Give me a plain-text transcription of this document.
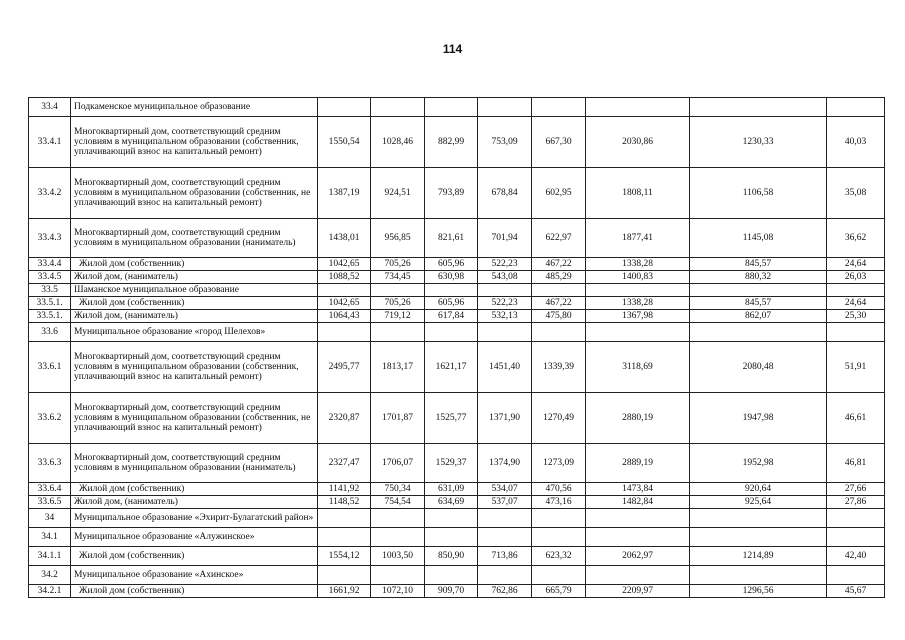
114
33.4	Подкаменское муниципальное образование								
33.4.1	Многоквартирный дом, соответствующий средним условиям в муниципальном образовании (собственник, уплачивающий взнос на капитальный ремонт)	1550,54	1028,46	882,99	753,09	667,30	2030,86	1230,33	40,03
33.4.2	Многоквартирный дом, соответствующий средним условиям в муниципальном образовании (собственник, не уплачивающий взнос на капитальный ремонт)	1387,19	924,51	793,89	678,84	602,95	1808,11	1106,58	35,08
33.4.3	Многоквартирный дом, соответствующий средним условиям в муниципальном образовании (наниматель)	1438,01	956,85	821,61	701,94	622,97	1877,41	1145,08	36,62
33.4.4	Жилой дом (собственник)	1042,65	705,26	605,96	522,23	467,22	1338,28	845,57	24,64
33.4.5	Жилой дом, (наниматель)	1088,52	734,45	630,98	543,08	485,29	1400,83	880,32	26,03
33.5	Шаманское муниципальное образование								
33.5.1.	Жилой дом (собственник)	1042,65	705,26	605,96	522,23	467,22	1338,28	845,57	24,64
33.5.1.	Жилой дом, (наниматель)	1064,43	719,12	617,84	532,13	475,80	1367,98	862,07	25,30
33.6	Муниципальное образование «город Шелехов»								
33.6.1	Многоквартирный дом, соответствующий средним условиям в муниципальном образовании (собственник, уплачивающий взнос на капитальный ремонт)	2495,77	1813,17	1621,17	1451,40	1339,39	3118,69	2080,48	51,91
33.6.2	Многоквартирный дом, соответствующий средним условиям в муниципальном образовании (собственник, не уплачивающий взнос на капитальный ремонт)	2320,87	1701,87	1525,77	1371,90	1270,49	2880,19	1947,98	46,61
33.6.3	Многоквартирный дом, соответствующий средним условиям в муниципальном образовании (наниматель)	2327,47	1706,07	1529,37	1374,90	1273,09	2889,19	1952,98	46,81
33.6.4	Жилой дом (собственник)	1141,92	750,34	631,09	534,07	470,56	1473,84	920,64	27,66
33.6.5	Жилой дом, (наниматель)	1148,52	754,54	634,69	537,07	473,16	1482,84	925,64	27,86
34	Муниципальное образование «Эхирит-Булагатский район»								
34.1	Муниципальное образование «Алужинское»								
34.1.1	Жилой дом (собственник)	1554,12	1003,50	850,90	713,86	623,32	2062,97	1214,89	42,40
34.2	Муниципальное образование «Ахинское»								
34.2.1	Жилой дом (собственник)	1661,92	1072,10	909,70	762,86	665,79	2209,97	1296,56	45,67
